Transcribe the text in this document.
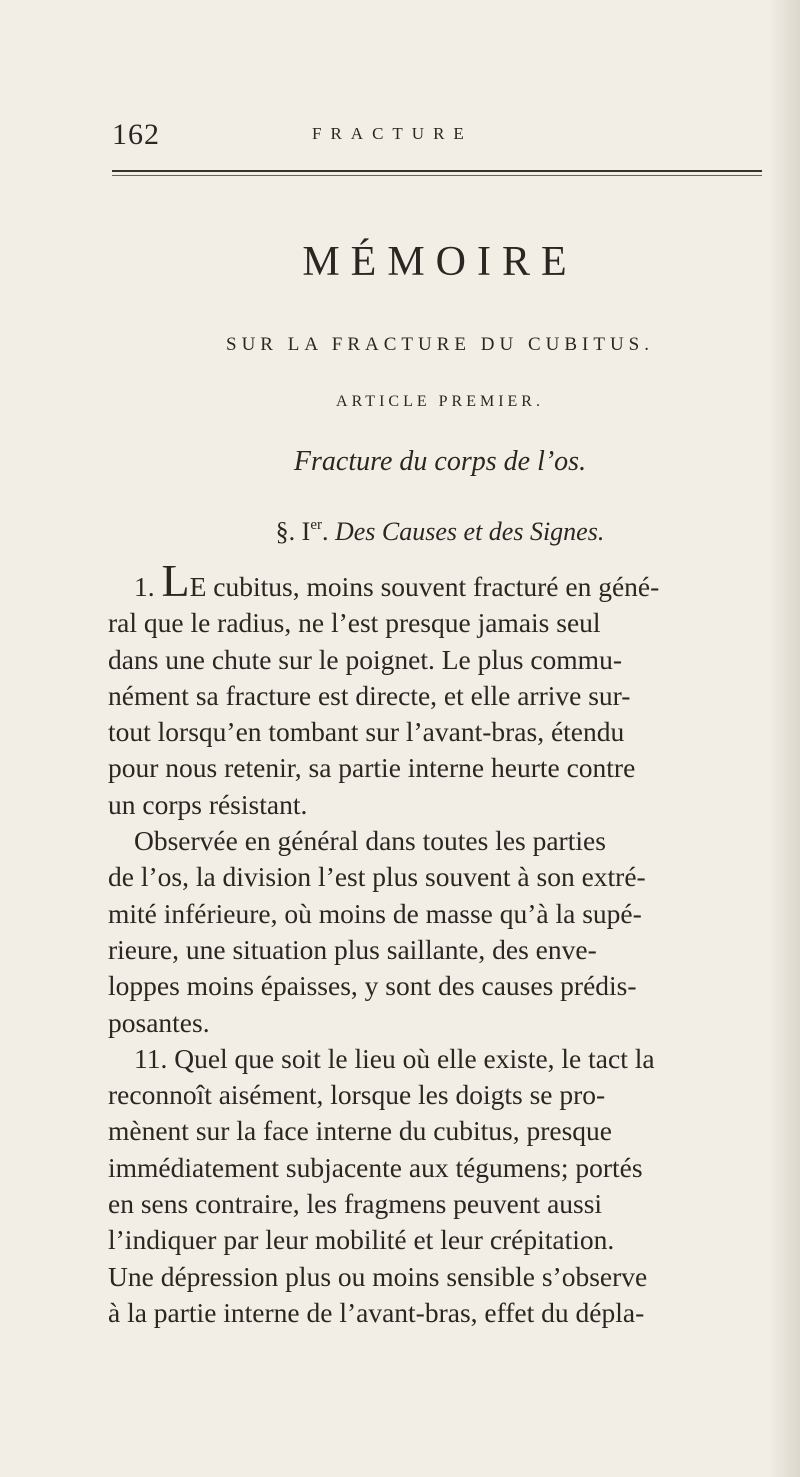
162	FRACTURE
MÉMOIRE
SUR LA FRACTURE DU CUBITUS.
ARTICLE PREMIER.
Fracture du corps de l’os.
§. Ier. Des Causes et des Signes.
1. LE cubitus, moins souvent fracturé en géné-
ral que le radius, ne l’est presque jamais seul
dans une chute sur le poignet. Le plus commu-
nément sa fracture est directe, et elle arrive sur-
tout lorsqu’en tombant sur l’avant-bras, étendu
pour nous retenir, sa partie interne heurte contre
un corps résistant.
Observée en général dans toutes les parties
de l’os, la division l’est plus souvent à son extré-
mité inférieure, où moins de masse qu’à la supé-
rieure, une situation plus saillante, des enve-
loppes moins épaisses, y sont des causes prédis-
posantes.
11. Quel que soit le lieu où elle existe, le tact la
reconnoît aisément, lorsque les doigts se pro-
mènent sur la face interne du cubitus, presque
immédiatement subjacente aux tégumens; portés
en sens contraire, les fragmens peuvent aussi
l’indiquer par leur mobilité et leur crépitation.
Une dépression plus ou moins sensible s’observe
à la partie interne de l’avant-bras, effet du dépla-
